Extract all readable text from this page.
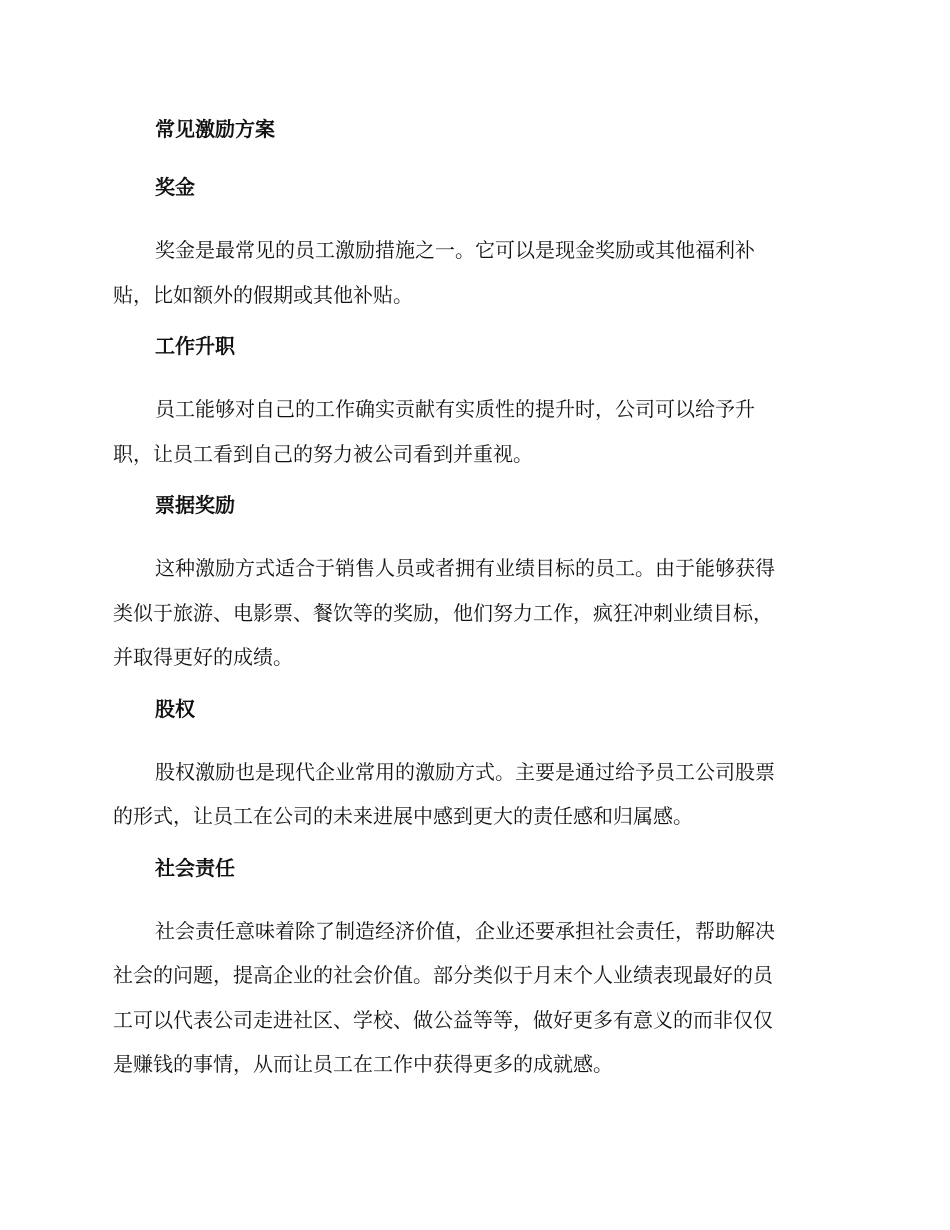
常见激励方案
奖金
奖金是最常见的员工激励措施之一。它可以是现金奖励或其他福利补
贴，比如额外的假期或其他补贴。
工作升职
员工能够对自己的工作确实贡献有实质性的提升时，公司可以给予升
职，让员工看到自己的努力被公司看到并重视。
票据奖励
这种激励方式适合于销售人员或者拥有业绩目标的员工。由于能够获得
类似于旅游、电影票、餐饮等的奖励，他们努力工作，疯狂冲刺业绩目标，
并取得更好的成绩。
股权
股权激励也是现代企业常用的激励方式。主要是通过给予员工公司股票
的形式，让员工在公司的未来进展中感到更大的责任感和归属感。
社会责任
社会责任意味着除了制造经济价值，企业还要承担社会责任，帮助解决
社会的问题，提高企业的社会价值。部分类似于月末个人业绩表现最好的员
工可以代表公司走进社区、学校、做公益等等，做好更多有意义的而非仅仅
是赚钱的事情，从而让员工在工作中获得更多的成就感。
